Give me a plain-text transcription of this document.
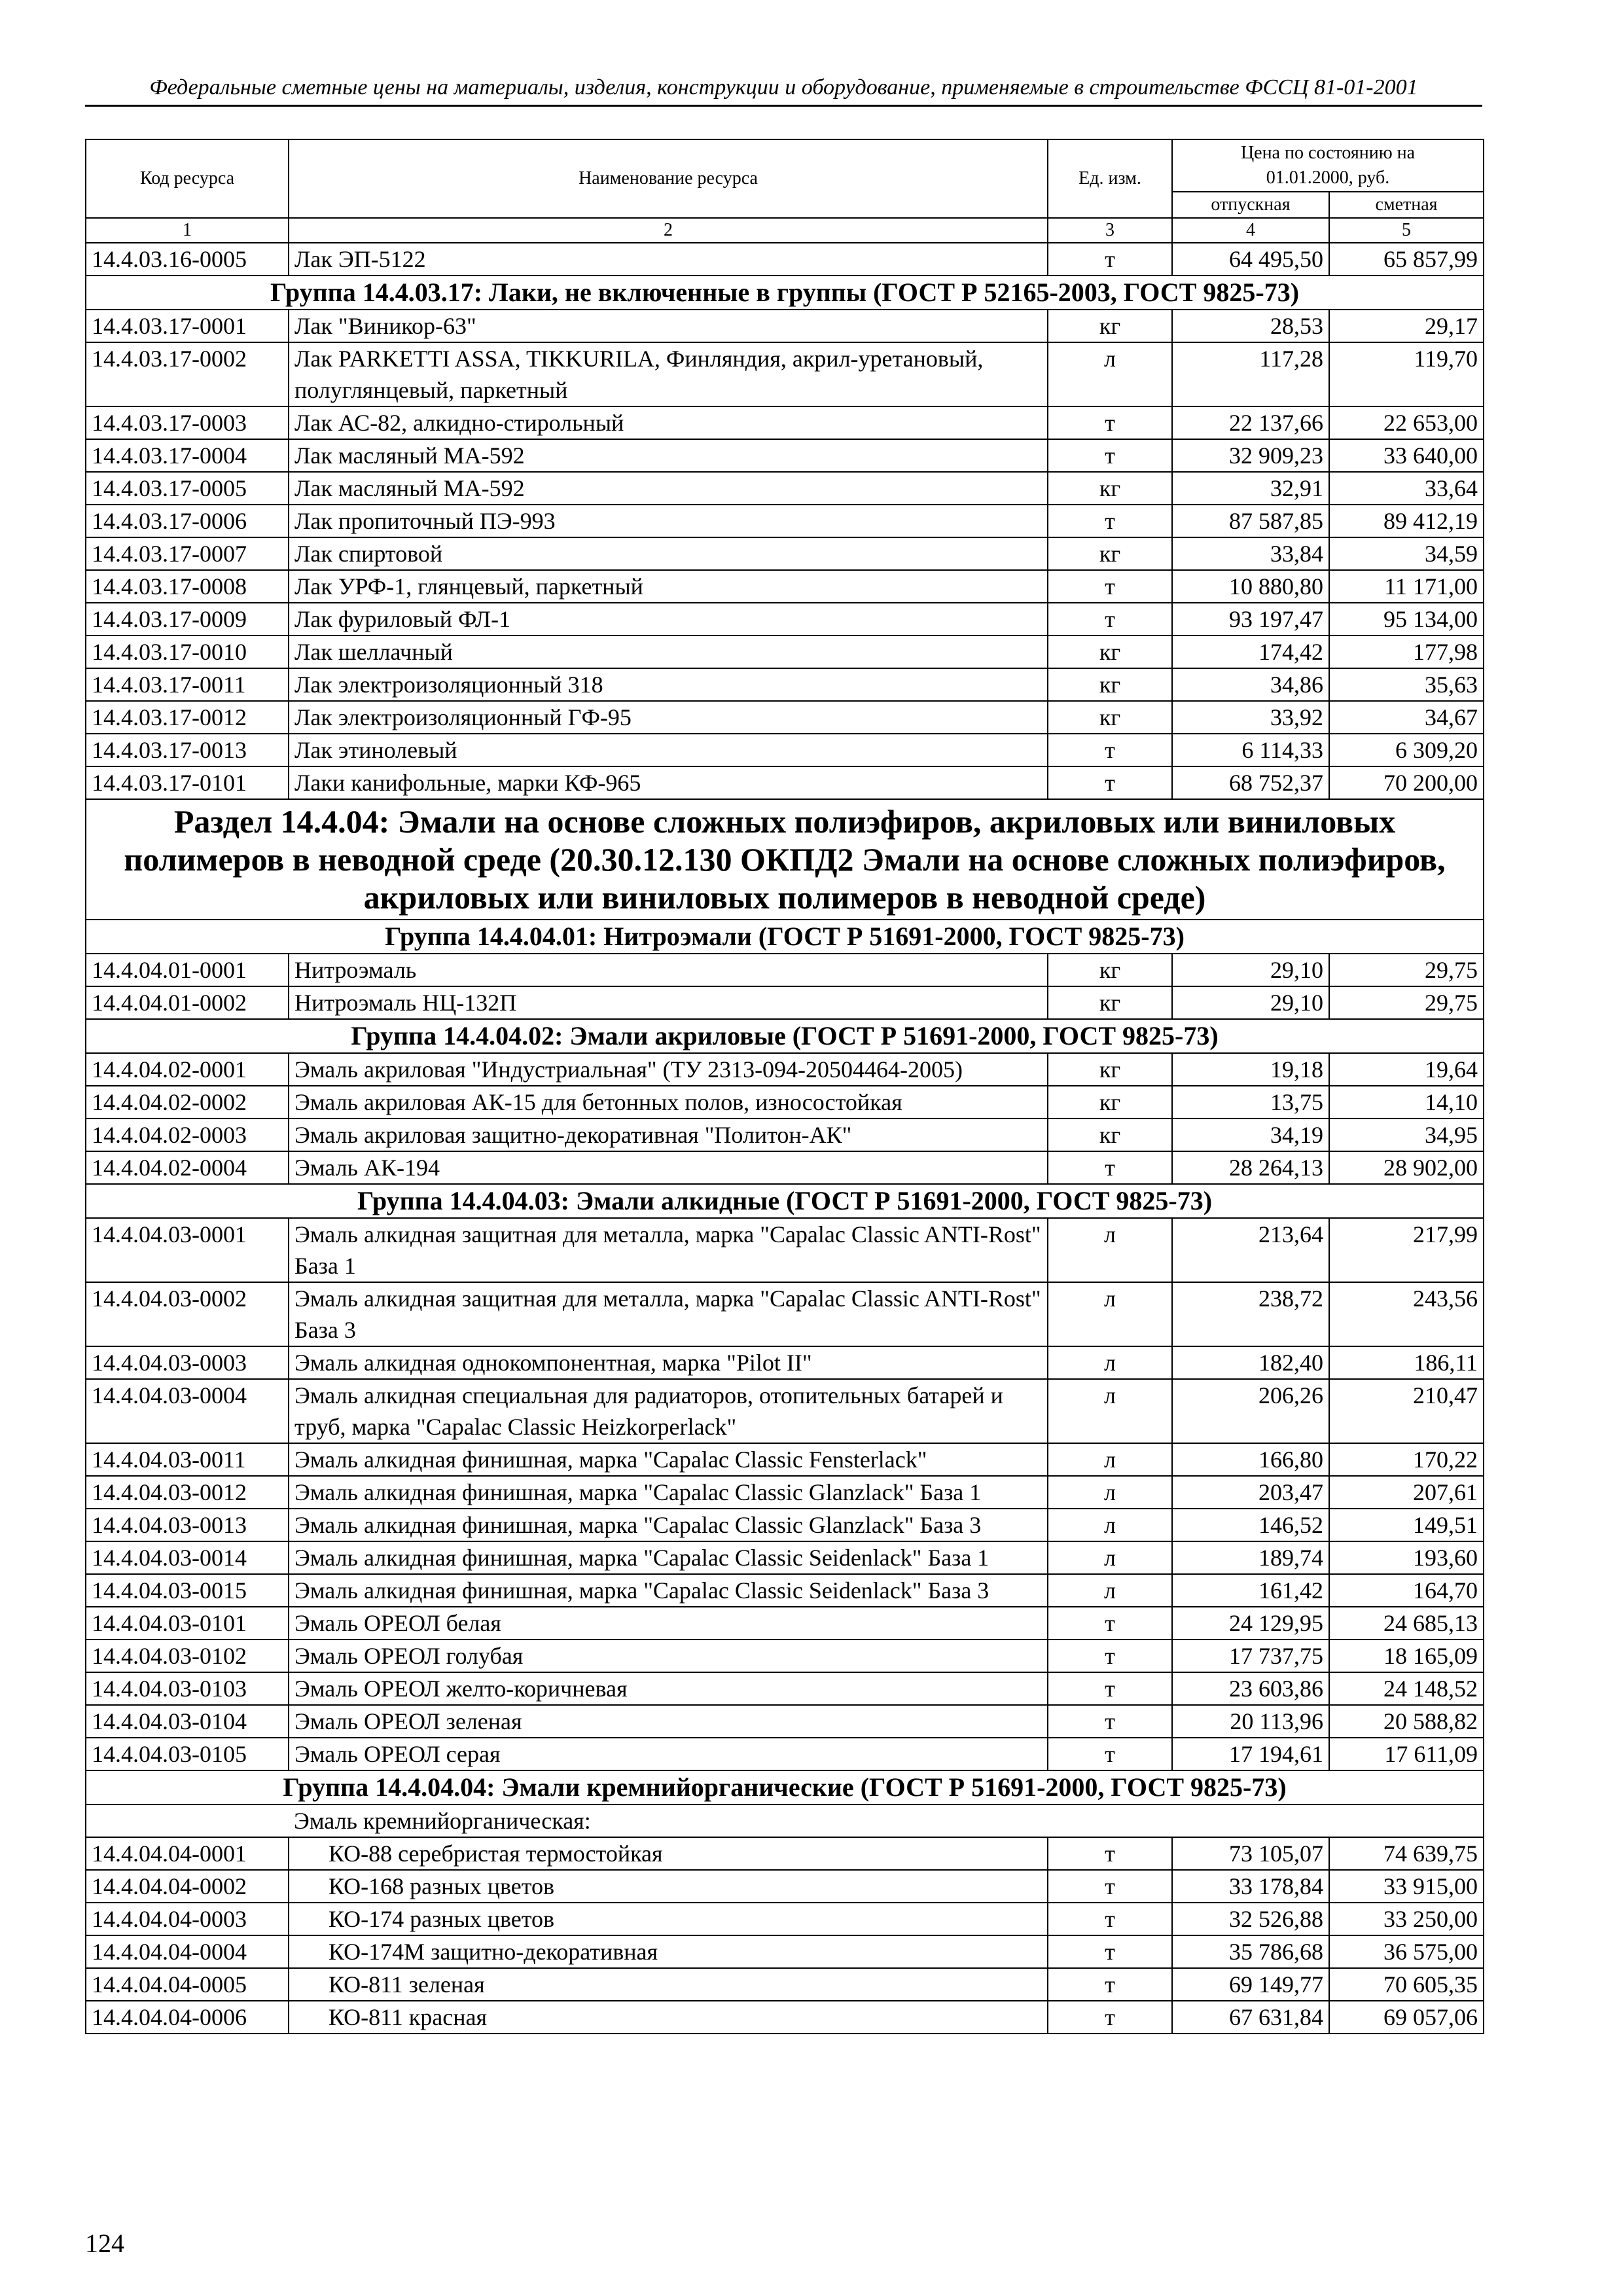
Федеральные сметные цены на материалы, изделия, конструкции и оборудование, применяемые в строительстве ФССЦ 81-01-2001
Код ресурса	Наименование ресурса	Ед. изм.	Цена по состоянию на 01.01.2000, руб.	
			отпускная	сметная
1	2	3	4	5
14.4.03.16-0005	Лак ЭП-5122	т	64 495,50	65 857,99
Группа 14.4.03.17: Лаки, не включенные в группы (ГОСТ Р 52165-2003, ГОСТ 9825-73)				
14.4.03.17-0001	Лак "Виникор-63"	кг	28,53	29,17
14.4.03.17-0002	Лак PARKETTI ASSA, TIKKURILA, Финляндия, акрил-уретановый, полуглянцевый, паркетный	л	117,28	119,70
14.4.03.17-0003	Лак АС-82, алкидно-стирольный	т	22 137,66	22 653,00
14.4.03.17-0004	Лак масляный МА-592	т	32 909,23	33 640,00
14.4.03.17-0005	Лак масляный МА-592	кг	32,91	33,64
14.4.03.17-0006	Лак пропиточный ПЭ-993	т	87 587,85	89 412,19
14.4.03.17-0007	Лак спиртовой	кг	33,84	34,59
14.4.03.17-0008	Лак УРФ-1, глянцевый, паркетный	т	10 880,80	11 171,00
14.4.03.17-0009	Лак фуриловый ФЛ-1	т	93 197,47	95 134,00
14.4.03.17-0010	Лак шеллачный	кг	174,42	177,98
14.4.03.17-0011	Лак электроизоляционный 318	кг	34,86	35,63
14.4.03.17-0012	Лак электроизоляционный ГФ-95	кг	33,92	34,67
14.4.03.17-0013	Лак этинолевый	т	6 114,33	6 309,20
14.4.03.17-0101	Лаки канифольные, марки КФ-965	т	68 752,37	70 200,00
Раздел 14.4.04: Эмали на основе сложных полиэфиров, акриловых или виниловых полимеров в неводной среде (20.30.12.130 ОКПД2 Эмали на основе сложных полиэфиров, акриловых или виниловых полимеров в неводной среде)				
Группа 14.4.04.01: Нитроэмали (ГОСТ Р 51691-2000, ГОСТ 9825-73)				
14.4.04.01-0001	Нитроэмаль	кг	29,10	29,75
14.4.04.01-0002	Нитроэмаль НЦ-132П	кг	29,10	29,75
Группа 14.4.04.02: Эмали акриловые (ГОСТ Р 51691-2000, ГОСТ 9825-73)				
14.4.04.02-0001	Эмаль акриловая "Индустриальная" (ТУ 2313-094-20504464-2005)	кг	19,18	19,64
14.4.04.02-0002	Эмаль акриловая АК-15 для бетонных полов, износостойкая	кг	13,75	14,10
14.4.04.02-0003	Эмаль акриловая защитно-декоративная "Политон-АК"	кг	34,19	34,95
14.4.04.02-0004	Эмаль АК-194	т	28 264,13	28 902,00
Группа 14.4.04.03: Эмали алкидные (ГОСТ Р 51691-2000, ГОСТ 9825-73)				
14.4.04.03-0001	Эмаль алкидная защитная для металла, марка "Capalac Classic ANTI-Rost" База 1	л	213,64	217,99
14.4.04.03-0002	Эмаль алкидная защитная для металла, марка "Capalac Classic ANTI-Rost" База 3	л	238,72	243,56
14.4.04.03-0003	Эмаль алкидная однокомпонентная, марка "Pilot II"	л	182,40	186,11
14.4.04.03-0004	Эмаль алкидная специальная для радиаторов, отопительных батарей и труб, марка "Capalac Classic Heizkorperlack"	л	206,26	210,47
14.4.04.03-0011	Эмаль алкидная финишная, марка "Capalac Classic Fensterlack"	л	166,80	170,22
14.4.04.03-0012	Эмаль алкидная финишная, марка "Capalac Classic Glanzlack" База 1	л	203,47	207,61
14.4.04.03-0013	Эмаль алкидная финишная, марка "Capalac Classic Glanzlack" База 3	л	146,52	149,51
14.4.04.03-0014	Эмаль алкидная финишная, марка "Capalac Classic Seidenlack" База 1	л	189,74	193,60
14.4.04.03-0015	Эмаль алкидная финишная, марка "Capalac Classic Seidenlack" База 3	л	161,42	164,70
14.4.04.03-0101	Эмаль ОРЕОЛ белая	т	24 129,95	24 685,13
14.4.04.03-0102	Эмаль ОРЕОЛ голубая	т	17 737,75	18 165,09
14.4.04.03-0103	Эмаль ОРЕОЛ желто-коричневая	т	23 603,86	24 148,52
14.4.04.03-0104	Эмаль ОРЕОЛ зеленая	т	20 113,96	20 588,82
14.4.04.03-0105	Эмаль ОРЕОЛ серая	т	17 194,61	17 611,09
Группа 14.4.04.04: Эмали кремнийорганические (ГОСТ Р 51691-2000, ГОСТ 9825-73)				
	Эмаль кремнийорганическая:			
14.4.04.04-0001	КО-88 серебристая термостойкая	т	73 105,07	74 639,75
14.4.04.04-0002	КО-168 разных цветов	т	33 178,84	33 915,00
14.4.04.04-0003	КО-174 разных цветов	т	32 526,88	33 250,00
14.4.04.04-0004	КО-174М защитно-декоративная	т	35 786,68	36 575,00
14.4.04.04-0005	КО-811 зеленая	т	69 149,77	70 605,35
14.4.04.04-0006	КО-811 красная	т	67 631,84	69 057,06
124
